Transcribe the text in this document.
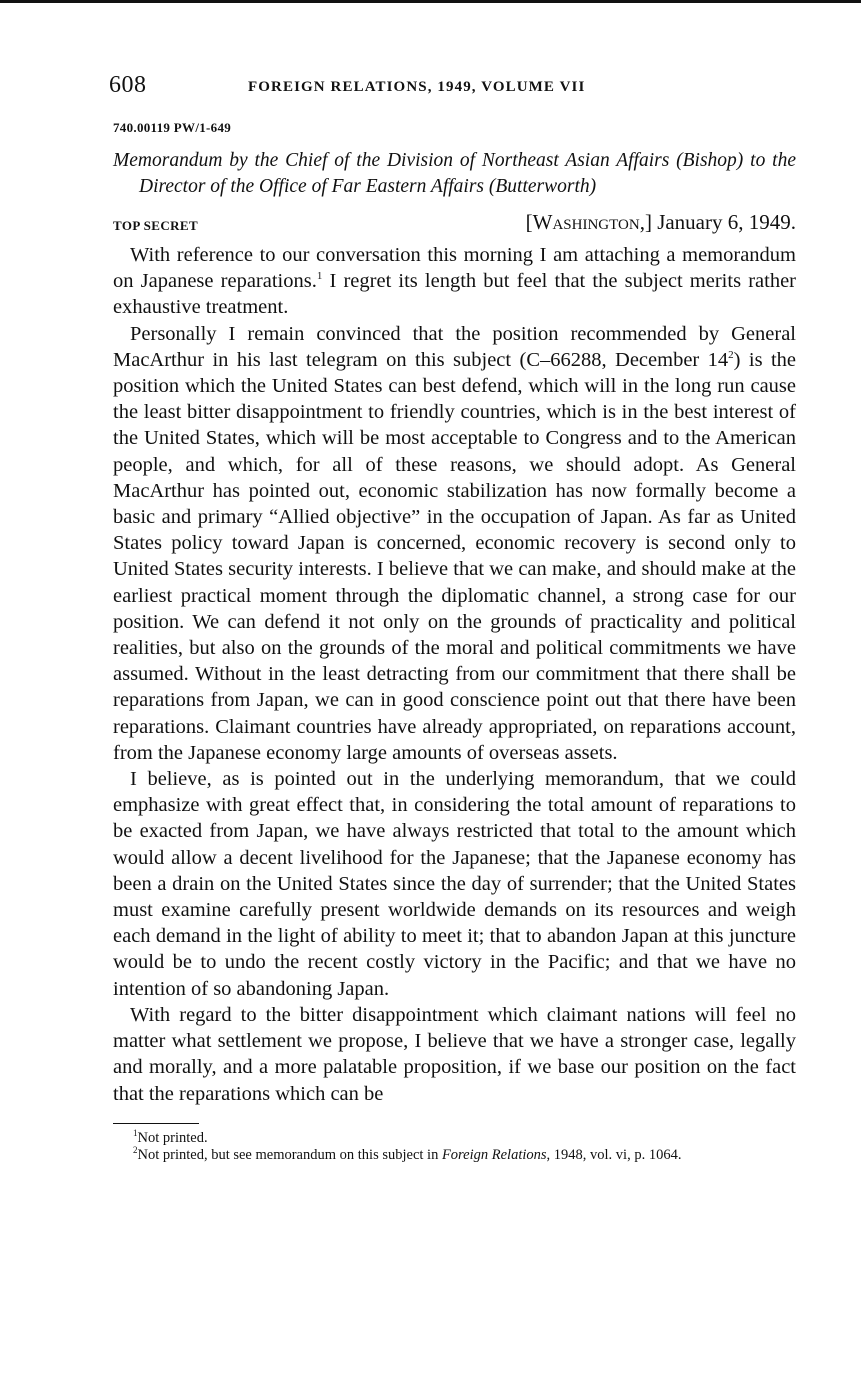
608	FOREIGN RELATIONS, 1949, VOLUME VII
740.00119 PW/1-649
Memorandum by the Chief of the Division of Northeast Asian Affairs (Bishop) to the Director of the Office of Far Eastern Affairs (Butterworth)
TOP SECRET	[Washington,] January 6, 1949.

With reference to our conversation this morning I am attaching a memorandum on Japanese reparations.$^1$ I regret its length but feel that the subject merits rather exhaustive treatment.

Personally I remain convinced that the position recommended by General MacArthur in his last telegram on this subject (C–66288, December $14^2$) is the position which the United States can best defend, which will in the long run cause the least bitter disappointment to friendly countries, which is in the best interest of the United States, which will be most acceptable to Congress and to the American people, and which, for all of these reasons, we should adopt. As General MacArthur has pointed out, economic stabilization has now formally become a basic and primary “Allied objective” in the occupation of Japan. As far as United States policy toward Japan is concerned, economic recovery is second only to United States security interests. I believe that we can make, and should make at the earliest practical moment through the diplomatic channel, a strong case for our position. We can defend it not only on the grounds of practicality and political realities, but also on the grounds of the moral and political commitments we have assumed. Without in the least detracting from our commitment that there shall be reparations from Japan, we can in good conscience point out that there have been reparations. Claimant countries have already appropriated, on reparations account, from the Japanese economy large amounts of overseas assets.

I believe, as is pointed out in the underlying memorandum, that we could emphasize with great effect that, in considering the total amount of reparations to be exacted from Japan, we have always restricted that total to the amount which would allow a decent livelihood for the Japanese; that the Japanese economy has been a drain on the United States since the day of surrender; that the United States must examine carefully present worldwide demands on its resources and weigh each demand in the light of ability to meet it; that to abandon Japan at this juncture would be to undo the recent costly victory in the Pacific; and that we have no intention of so abandoning Japan.

With regard to the bitter disappointment which claimant nations will feel no matter what settlement we propose, I believe that we have a stronger case, legally and morally, and a more palatable proposition, if we base our position on the fact that the reparations which can be

$^1$Not printed.

$^2$Not printed, but see memorandum on this subject in Foreign Relations, 1948, vol. vi, p. 1064.
